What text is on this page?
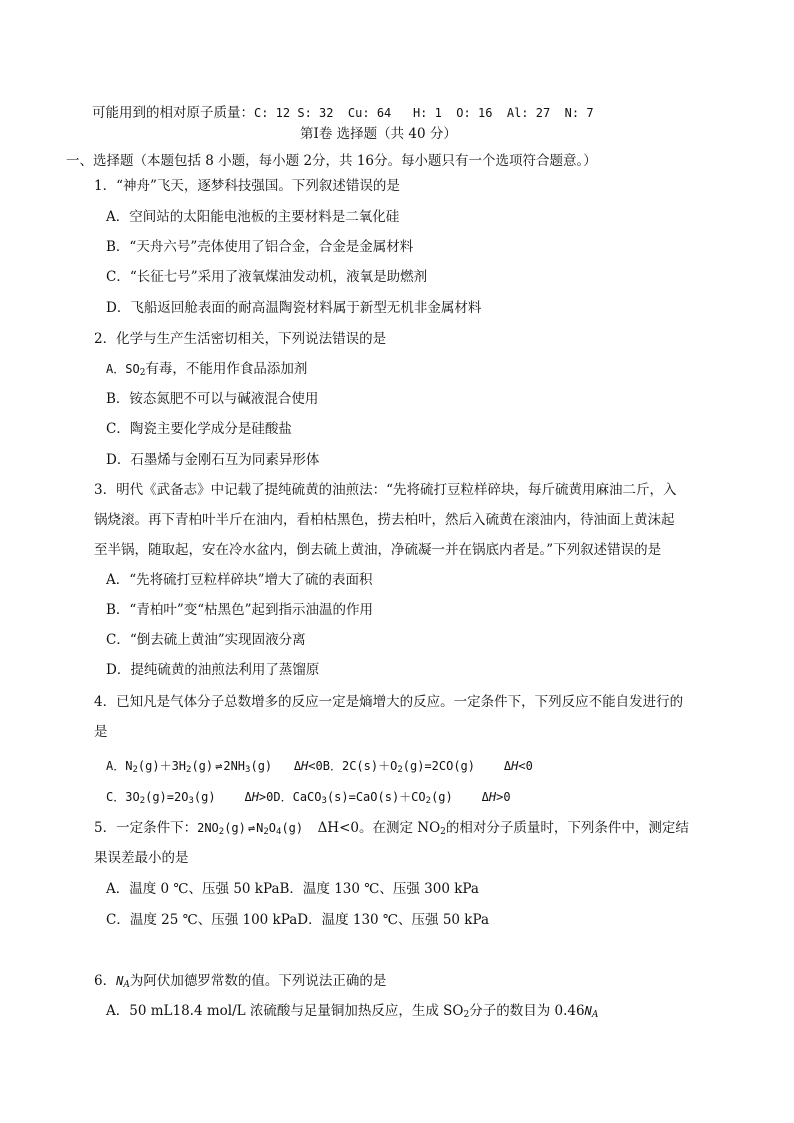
可能用到的相对原子质量：C: 12 S: 32  Cu: 64   H: 1  O: 16  Al: 27  N: 7
第Ⅰ卷 选择题（共 40 分）
一、选择题（本题包括 8 小题，每小题 2分，共 16分。每小题只有一个选项符合题意。）
1．“神舟”飞天，逐梦科技强国。下列叙述错误的是
A．空间站的太阳能电池板的主要材料是二氧化硅
B．“天舟六号”壳体使用了铝合金，合金是金属材料
C．“长征七号”采用了液氧煤油发动机，液氧是助燃剂
D．飞船返回舱表面的耐高温陶瓷材料属于新型无机非金属材料
2．化学与生产生活密切相关，下列说法错误的是
A．$SO_2$有毒，不能用作食品添加剂
B．铵态氮肥不可以与碱液混合使用
C．陶瓷主要化学成分是硅酸盐
D．石墨烯与金刚石互为同素异形体
3．明代《武备志》中记载了提纯硫黄的油煎法：“先将硫打豆粒样碎块，每斤硫黄用麻油二斤，入
锅烧滚。再下青柏叶半斤在油内，看柏枯黑色，捞去柏叶，然后入硫黄在滚油内，待油面上黄沫起
至半锅，随取起，安在冷水盆内，倒去硫上黄油，净硫凝一并在锅底内者是。”下列叙述错误的是
A．“先将硫打豆粒样碎块”增大了硫的表面积
B．“青柏叶”变“枯黑色”起到指示油温的作用
C．“倒去硫上黄油”实现固液分离
D．提纯硫黄的油煎法利用了蒸馏原
4．已知凡是气体分子总数增多的反应一定是熵增大的反应。一定条件下，下列反应不能自发进行的
是
A．$N_2(g)+3H_2(g)$ ⇌ $2NH_3(g)$   ΔH<0B．$2C(s)+O_2(g)=2CO(g)$    ΔH<0
C．$3O_2(g)=2O_3(g)$    ΔH>0D．$CaCO_3(s)=CaO(s)+CO_2(g)$    ΔH>0
5．一定条件下：$2NO_2(g)$ ⇌ $N_2O_4(g)$  ΔH<0。在测定 $NO_2$的相对分子质量时，下列条件中，测定结
果误差最小的是
A．温度 0 ℃、压强 50 kPaB．温度 130 ℃、压强 300 kPa
C．温度 25 ℃、压强 100 kPaD．温度 130 ℃、压强 50 kPa
6．$N_A$为阿伏加德罗常数的值。下列说法正确的是
A．50 mL18.4 mol/L 浓硫酸与足量铜加热反应，生成 $SO_2$分子的数目为 $0.46N_A$
